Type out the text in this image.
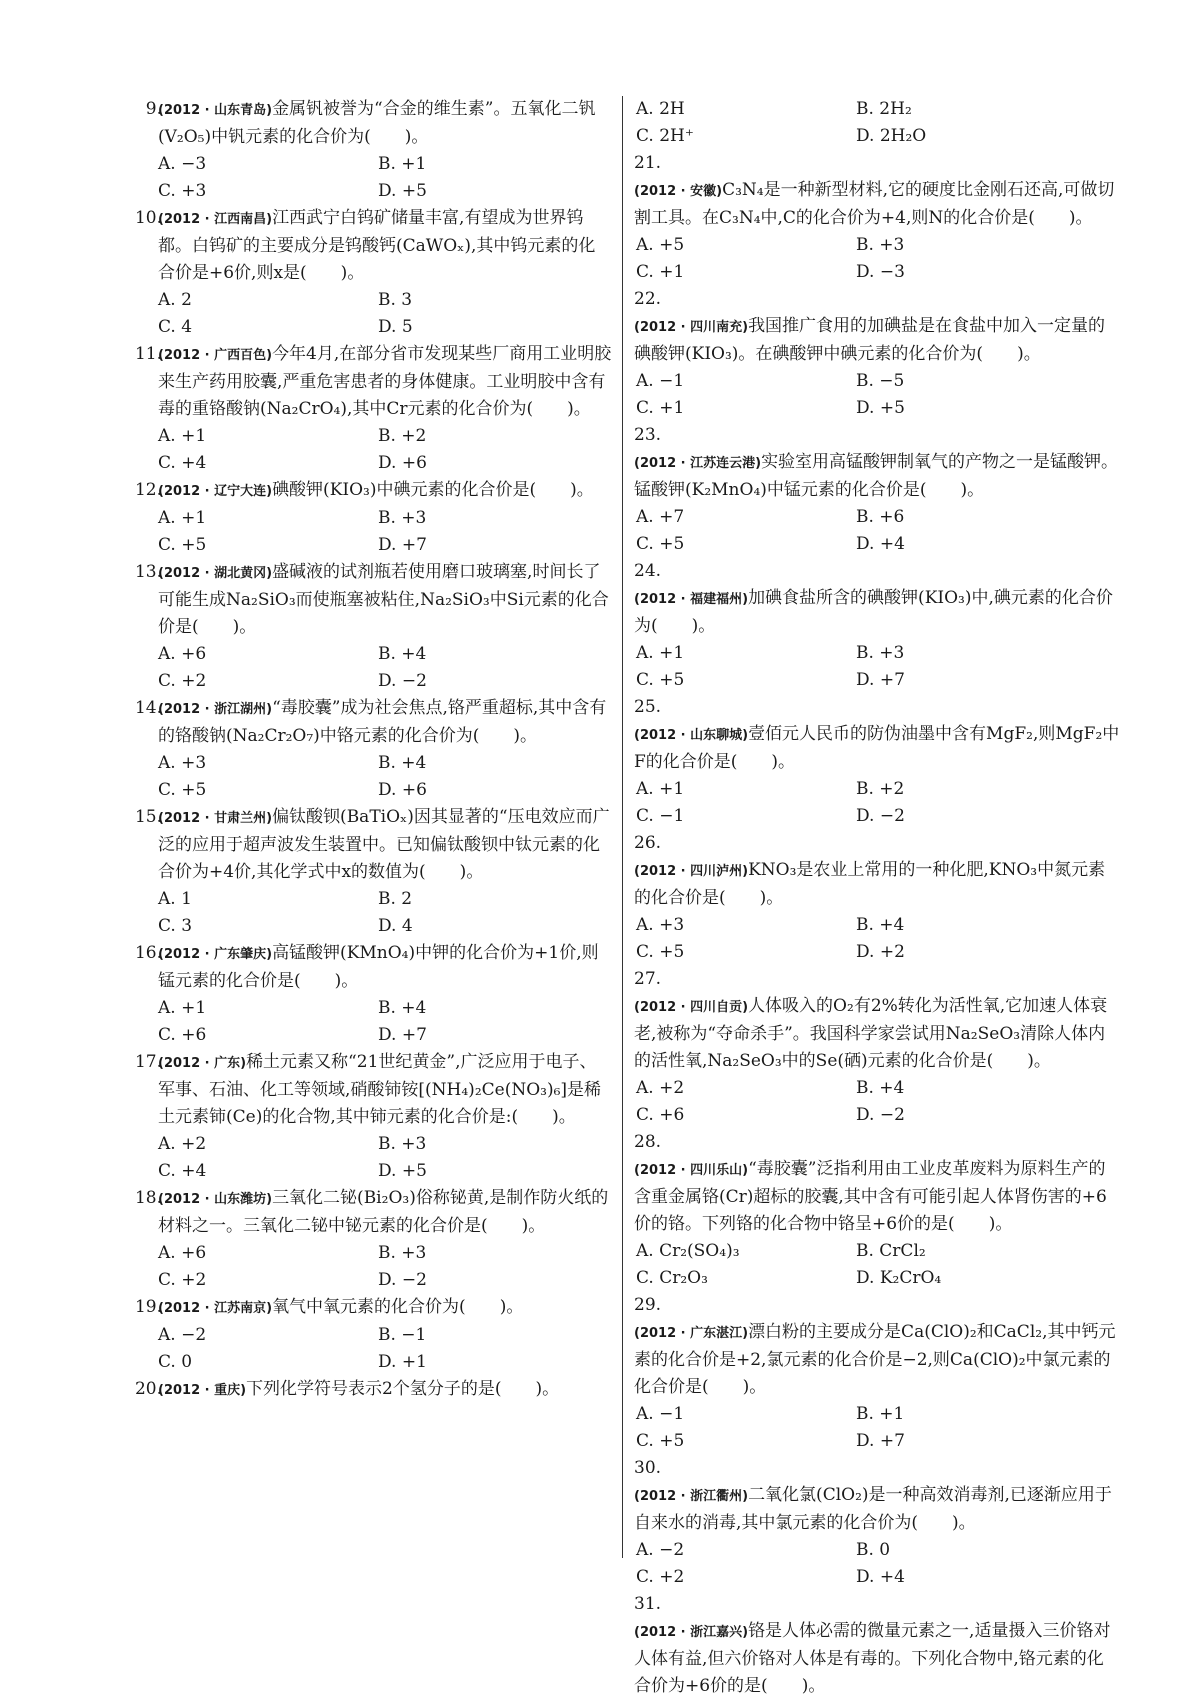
9.
(2012 · 山东青岛)金属钒被誉为“合金的维生素”。五氧化二钒(V₂O₅)中钒元素的化合价为(　　)。
A. −3	B. +1
C. +3	D. +5
10.
(2012 · 江西南昌)江西武宁白钨矿储量丰富,有望成为世界钨都。白钨矿的主要成分是钨酸钙(CaWOₓ),其中钨元素的化合价是+6价,则x是(　　)。
A. 2	B. 3
C. 4	D. 5
11.
(2012 · 广西百色)今年4月,在部分省市发现某些厂商用工业明胶来生产药用胶囊,严重危害患者的身体健康。工业明胶中含有毒的重铬酸钠(Na₂CrO₄),其中Cr元素的化合价为(　　)。
A. +1	B. +2
C. +4	D. +6
12.
(2012 · 辽宁大连)碘酸钾(KIO₃)中碘元素的化合价是(　　)。
A. +1	B. +3
C. +5	D. +7
13.
(2012 · 湖北黄冈)盛碱液的试剂瓶若使用磨口玻璃塞,时间长了可能生成Na₂SiO₃而使瓶塞被粘住,Na₂SiO₃中Si元素的化合价是(　　)。
A. +6	B. +4
C. +2	D. −2
14.
(2012 · 浙江湖州)“毒胶囊”成为社会焦点,铬严重超标,其中含有的铬酸钠(Na₂Cr₂O₇)中铬元素的化合价为(　　)。
A. +3	B. +4
C. +5	D. +6
15.
(2012 · 甘肃兰州)偏钛酸钡(BaTiOₓ)因其显著的“压电效应而广泛的应用于超声波发生装置中。已知偏钛酸钡中钛元素的化合价为+4价,其化学式中x的数值为(　　)。
A. 1	B. 2
C. 3	D. 4
16.
(2012 · 广东肇庆)高锰酸钾(KMnO₄)中钾的化合价为+1价,则锰元素的化合价是(　　)。
A. +1	B. +4
C. +6	D. +7
17.
(2012 · 广东)稀土元素又称“21世纪黄金”,广泛应用于电子、军事、石油、化工等领域,硝酸铈铵[(NH₄)₂Ce(NO₃)₆]是稀土元素铈(Ce)的化合物,其中铈元素的化合价是:(　　)。
A. +2	B. +3
C. +4	D. +5
18.
(2012 · 山东潍坊)三氧化二铋(Bi₂O₃)俗称铋黄,是制作防火纸的材料之一。三氧化二铋中铋元素的化合价是(　　)。
A. +6	B. +3
C. +2	D. −2
19.
(2012 · 江苏南京)氧气中氧元素的化合价为(　　)。
A. −2	B. −1
C. 0	D. +1
20.
(2012 · 重庆)下列化学符号表示2个氢分子的是(　　)。
A. 2H	B. 2H₂
C. 2H⁺	D. 2H₂O
21.
(2012 · 安徽)C₃N₄是一种新型材料,它的硬度比金刚石还高,可做切割工具。在C₃N₄中,C的化合价为+4,则N的化合价是(　　)。
A. +5	B. +3
C. +1	D. −3
22.
(2012 · 四川南充)我国推广食用的加碘盐是在食盐中加入一定量的碘酸钾(KIO₃)。在碘酸钾中碘元素的化合价为(　　)。
A. −1	B. −5
C. +1	D. +5
23.
(2012 · 江苏连云港)实验室用高锰酸钾制氧气的产物之一是锰酸钾。锰酸钾(K₂MnO₄)中锰元素的化合价是(　　)。
A. +7	B. +6
C. +5	D. +4
24.
(2012 · 福建福州)加碘食盐所含的碘酸钾(KIO₃)中,碘元素的化合价为(　　)。
A. +1	B. +3
C. +5	D. +7
25.
(2012 · 山东聊城)壹佰元人民币的防伪油墨中含有MgF₂,则MgF₂中F的化合价是(　　)。
A. +1	B. +2
C. −1	D. −2
26.
(2012 · 四川泸州)KNO₃是农业上常用的一种化肥,KNO₃中氮元素的化合价是(　　)。
A. +3	B. +4
C. +5	D. +2
27.
(2012 · 四川自贡)人体吸入的O₂有2%转化为活性氧,它加速人体衰老,被称为“夺命杀手”。我国科学家尝试用Na₂SeO₃清除人体内的活性氧,Na₂SeO₃中的Se(硒)元素的化合价是(　　)。
A. +2	B. +4
C. +6	D. −2
28.
(2012 · 四川乐山)“毒胶囊”泛指利用由工业皮革废料为原料生产的含重金属铬(Cr)超标的胶囊,其中含有可能引起人体肾伤害的+6价的铬。下列铬的化合物中铬呈+6价的是(　　)。
A. Cr₂(SO₄)₃	B. CrCl₂
C. Cr₂O₃	D. K₂CrO₄
29.
(2012 · 广东湛江)漂白粉的主要成分是Ca(ClO)₂和CaCl₂,其中钙元素的化合价是+2,氯元素的化合价是−2,则Ca(ClO)₂中氯元素的化合价是(　　)。
A. −1	B. +1
C. +5	D. +7
30.
(2012 · 浙江衢州)二氧化氯(ClO₂)是一种高效消毒剂,已逐渐应用于自来水的消毒,其中氯元素的化合价为(　　)。
A. −2	B. 0
C. +2	D. +4
31.
(2012 · 浙江嘉兴)铬是人体必需的微量元素之一,适量摄入三价铬对人体有益,但六价铬对人体是有毒的。下列化合物中,铬元素的化合价为+6价的是(　　)。
